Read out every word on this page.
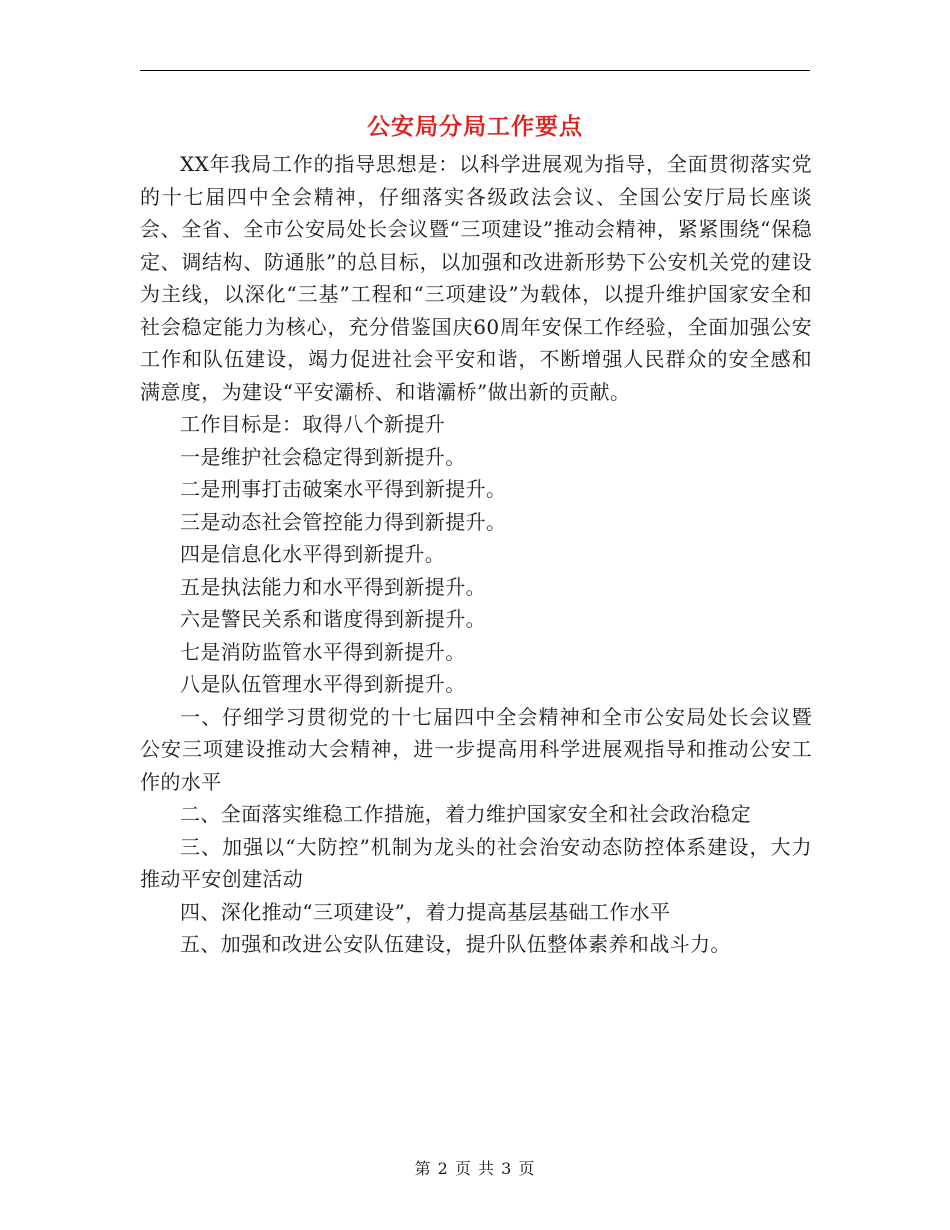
公安局分局工作要点

XX年我局工作的指导思想是：以科学进展观为指导，全面贯彻落实党的十七届四中全会精神，仔细落实各级政法会议、全国公安厅局长座谈会、全省、全市公安局处长会议暨“三项建设”推动会精神，紧紧围绕“保稳定、调结构、防通胀”的总目标，以加强和改进新形势下公安机关党的建设为主线，以深化“三基”工程和“三项建设”为载体，以提升维护国家安全和社会稳定能力为核心，充分借鉴国庆60周年安保工作经验，全面加强公安工作和队伍建设，竭力促进社会平安和谐，不断增强人民群众的安全感和满意度，为建设“平安灞桥、和谐灞桥”做出新的贡献。

工作目标是：取得八个新提升

一是维护社会稳定得到新提升。

二是刑事打击破案水平得到新提升。

三是动态社会管控能力得到新提升。

四是信息化水平得到新提升。

五是执法能力和水平得到新提升。

六是警民关系和谐度得到新提升。

七是消防监管水平得到新提升。

八是队伍管理水平得到新提升。

一、仔细学习贯彻党的十七届四中全会精神和全市公安局处长会议暨公安三项建设推动大会精神，进一步提高用科学进展观指导和推动公安工作的水平

二、全面落实维稳工作措施，着力维护国家安全和社会政治稳定

三、加强以“大防控”机制为龙头的社会治安动态防控体系建设，大力推动平安创建活动

四、深化推动“三项建设”，着力提高基层基础工作水平

五、加强和改进公安队伍建设，提升队伍整体素养和战斗力。

第 2 页 共 3 页
